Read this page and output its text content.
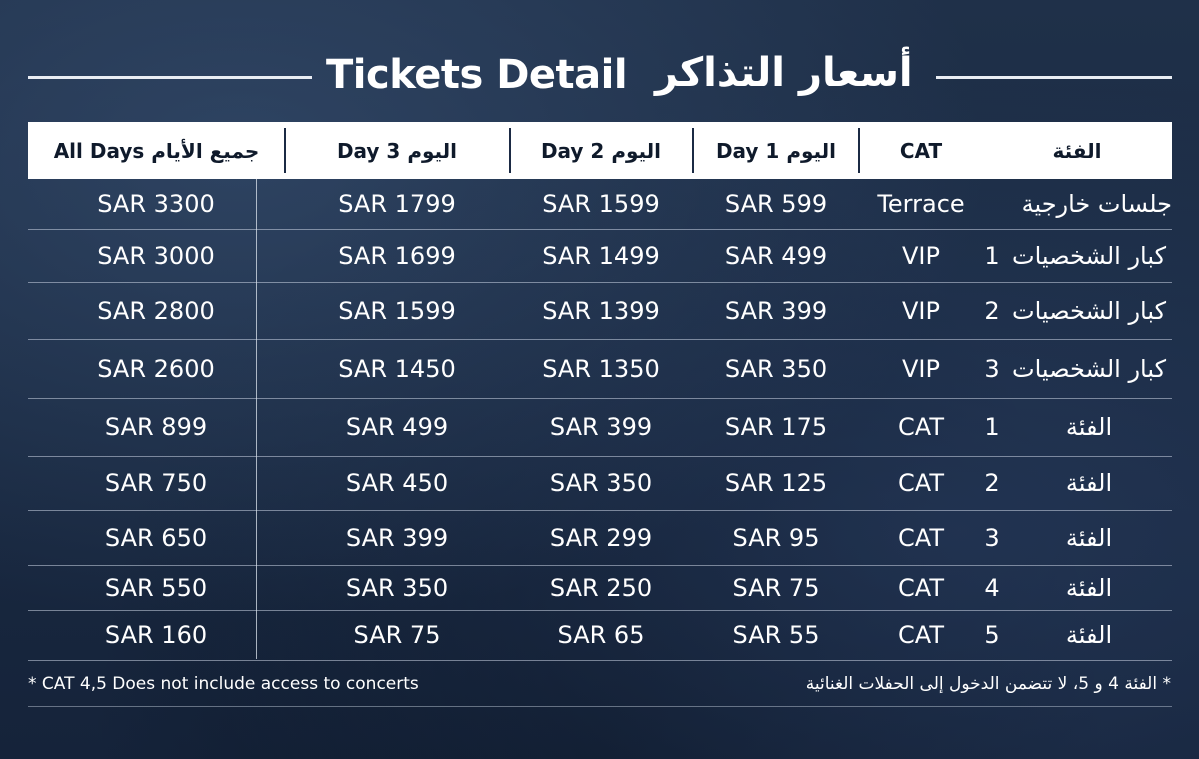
Tickets Detail أسعار التذاكر
All Days جميع الأيام	Day 3 اليوم	Day 2 اليوم	Day 1 اليوم	CAT	الفئة
SAR 3300	SAR 1799	SAR 1599	SAR 599	Terrace	جلسات خارجية
SAR 3000	SAR 1699	SAR 1499	SAR 499	VIP	1 كبار الشخصيات
SAR 2800	SAR 1599	SAR 1399	SAR 399	VIP	2 كبار الشخصيات
SAR 2600	SAR 1450	SAR 1350	SAR 350	VIP	3 كبار الشخصيات
SAR 899	SAR 499	SAR 399	SAR 175	CAT	1	الفئة
SAR 750	SAR 450	SAR 350	SAR 125	CAT	2	الفئة
SAR 650	SAR 399	SAR 299	SAR 95	CAT	3	الفئة
SAR 550	SAR 350	SAR 250	SAR 75	CAT	4	الفئة
SAR 160	SAR 75	SAR 65	SAR 55	CAT	5	الفئة
* CAT 4,5 Does not include access to concerts	* الفئة 4 و 5، لا تتضمن الدخول إلى الحفلات الغنائية
